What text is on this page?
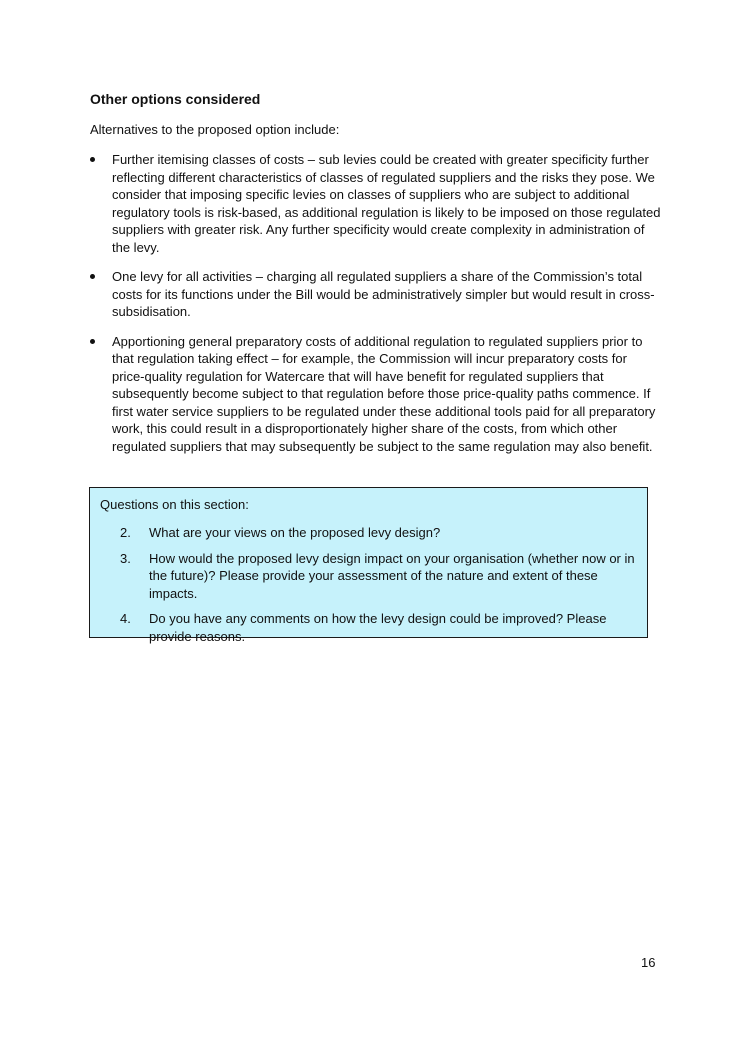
Other options considered

Alternatives to the proposed option include:

Further itemising classes of costs – sub levies could be created with greater specificity further reflecting different characteristics of classes of regulated suppliers and the risks they pose. We consider that imposing specific levies on classes of suppliers who are subject to additional regulatory tools is risk-based, as additional regulation is likely to be imposed on those regulated suppliers with greater risk. Any further specificity would create complexity in administration of the levy.
One levy for all activities – charging all regulated suppliers a share of the Commission’s total costs for its functions under the Bill would be administratively simpler but would result in cross-subsidisation.
Apportioning general preparatory costs of additional regulation to regulated suppliers prior to that regulation taking effect – for example, the Commission will incur preparatory costs for price-quality regulation for Watercare that will have benefit for regulated suppliers that subsequently become subject to that regulation before those price-quality paths commence. If first water service suppliers to be regulated under these additional tools paid for all preparatory work, this could result in a disproportionately higher share of the costs, from which other regulated suppliers that may subsequently be subject to the same regulation may also benefit.

Questions on this section:

2. What are your views on the proposed levy design?
3. How would the proposed levy design impact on your organisation (whether now or in the future)? Please provide your assessment of the nature and extent of these impacts.
4. Do you have any comments on how the levy design could be improved? Please provide reasons.

16
